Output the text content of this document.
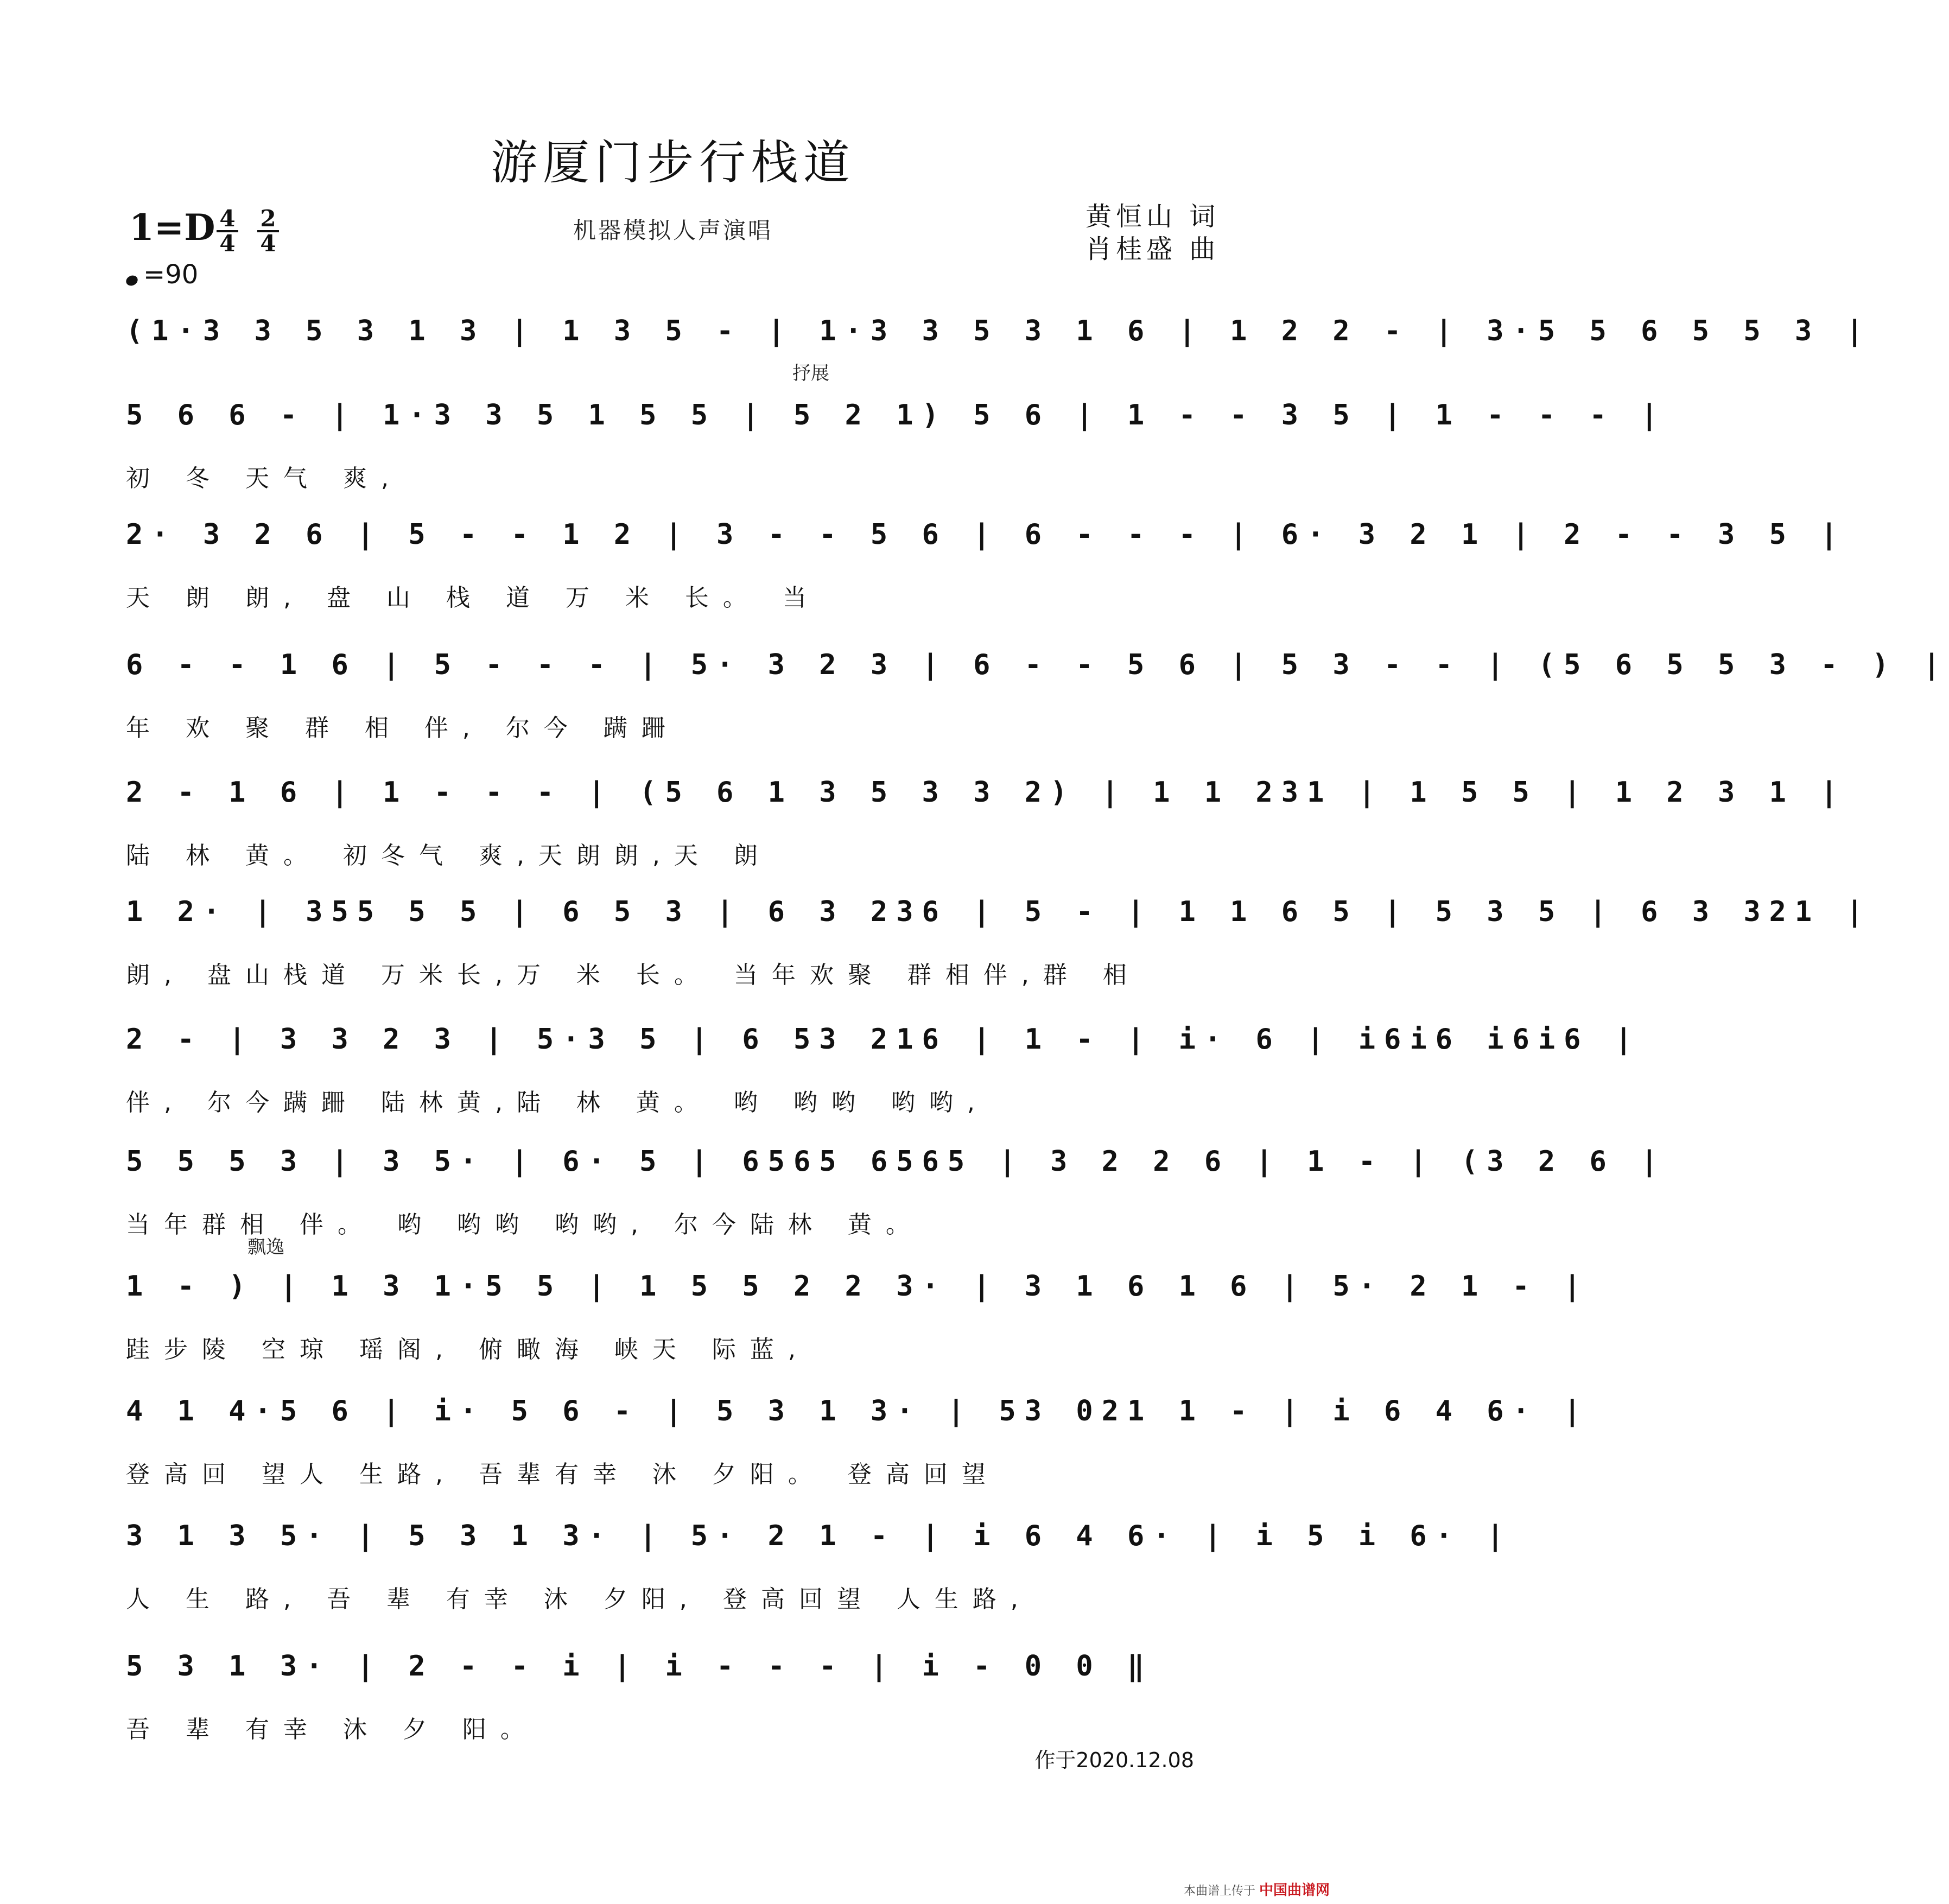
游厦门步行栈道
1=D 4
4
2
4
=90
机器模拟人声演唱	黄恒山 词
肖桂盛 曲
抒展
飘逸
(1·3 3 5 3 1 3 | 1 3 5 - | 1·3 3 5 3 1 6 | 1 2 2 - | 3·5 5 6 5 5 3 |
5 6 6 - | 1·3 3 5 1 5 5 | 5 2 1) 5 6 | 1 - - 3 5 | 1 - - - |
初 冬 天气 爽,
2· 3 2 6 | 5 - - 1 2 | 3 - - 5 6 | 6 - - - | 6· 3 2 1 | 2 - - 3 5 |
天 朗 朗, 盘 山 栈 道 万 米 长。 当
6 - - 1 6 | 5 - - - | 5· 3 2 3 | 6 - - 5 6 | 5 3 - - | (5 6 5 5 3 - ) |
年 欢 聚 群 相 伴, 尔今 蹒跚
2 - 1 6 | 1 - - - | (5 6 1 3 5 3 3 2) | 1 1 231 | 1 5 5 | 1 2 3 1 |
陆 林 黄。 初冬气 爽,天朗朗,天 朗
1 2· | 355 5 5 | 6 5 3 | 6 3 236 | 5 - | 1 1 6 5 | 5 3 5 | 6 3 321 |
朗, 盘山栈道 万米长,万 米 长。 当年欢聚 群相伴,群 相
2 - | 3 3 2 3 | 5·3 5 | 6 53 216 | 1 - | i· 6 | i6i6 i6i6 |
伴, 尔今蹒跚 陆林黄,陆 林 黄。 哟 哟哟 哟哟,
5 5 5 3 | 3 5· | 6· 5 | 6565 6565 | 3 2 2 6 | 1 - | (3 2 6 |
当年群相 伴。 哟 哟哟 哟哟, 尔今陆林 黄。
1 - ) | 1 3 1·5 5 | 1 5 5 2 2 3· | 3 1 6 1 6 | 5· 2 1 - |
跬步陵 空琼 瑶阁, 俯瞰海 峡天 际蓝,
4 1 4·5 6 | i· 5 6 - | 5 3 1 3· | 53 021 1 - | i 6 4 6· |
登高回 望人 生路, 吾辈有幸 沐 夕阳。 登高回望
3 1 3 5· | 5 3 1 3· | 5· 2 1 - | i 6 4 6· | i 5 i 6· |
人 生 路, 吾 辈 有幸 沐 夕阳, 登高回望 人生路,
5 3 1 3· | 2 - - i | i - - - | i - 0 0 ‖
吾 辈 有幸 沐 夕 阳。
作于2020.12.08
本曲谱上传于 中国曲谱网
